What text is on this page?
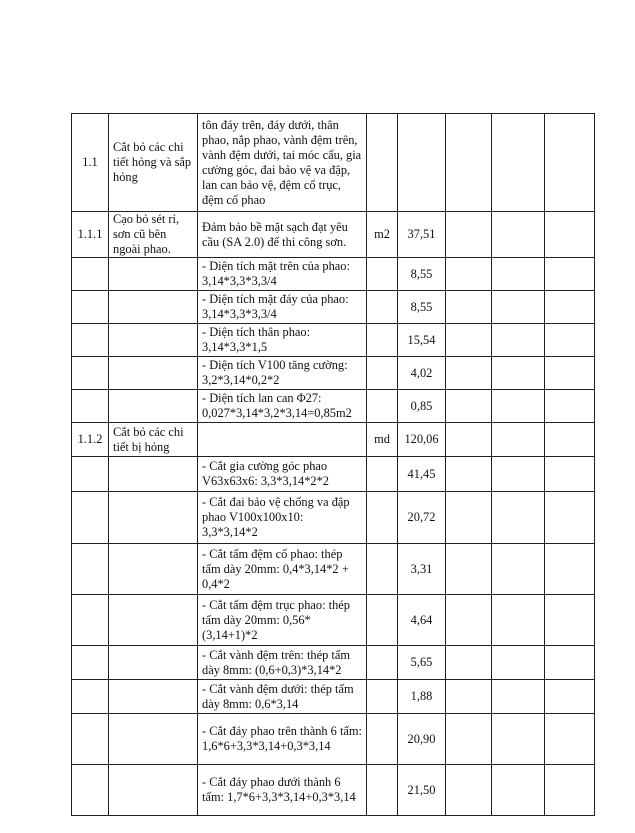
1.1	Cắt bỏ các chi tiết hỏng và sắp hỏng	tôn đáy trên, đáy dưới, thân phao, nắp phao, vành đệm trên, vành đệm dưới, tai móc cẩu, gia cường góc, đai bảo vệ va đập, lan can bảo vệ, đệm cổ trục, đệm cổ phao					
1.1.1	Cạo bỏ sét rỉ, sơn cũ bên ngoài phao.	Đảm bảo bề mặt sạch đạt yêu cầu (SA 2.0) để thi công sơn.	m2	37,51			
		- Diện tích mặt trên của phao: 3,14*3,3*3,3/4		8,55			
		- Diện tích mặt đáy của phao: 3,14*3,3*3,3/4		8,55			
		- Diện tích thân phao: 3,14*3,3*1,5		15,54			
		- Diện tích V100 tăng cường: 3,2*3,14*0,2*2		4,02			
		- Diện tích lan can Φ27: 0,027*3,14*3,2*3,14=0,85m2		0,85			
1.1.2	Cắt bỏ các chi tiết bị hỏng		md	120,06			
		- Cắt gia cường góc phao V63x63x6: 3,3*3,14*2*2		41,45			
		- Cắt đai bảo vệ chống va đập phao V100x100x10: 3,3*3,14*2		20,72			
		- Cắt tấm đệm cổ phao: thép tấm dày 20mm: 0,4*3,14*2 + 0,4*2		3,31			
		- Cắt tấm đệm trục phao: thép tấm dày 20mm: 0,56*(3,14+1)*2		4,64			
		- Cắt vành đệm trên: thép tấm dày 8mm: (0,6+0,3)*3,14*2		5,65			
		- Cắt vành đệm dưới: thép tấm dày 8mm: 0,6*3,14		1,88			
		- Cắt đáy phao trên thành 6 tấm: 1,6*6+3,3*3,14+0,3*3,14		20,90			
		- Cắt đáy phao dưới thành 6 tấm: 1,7*6+3,3*3,14+0,3*3,14		21,50			
